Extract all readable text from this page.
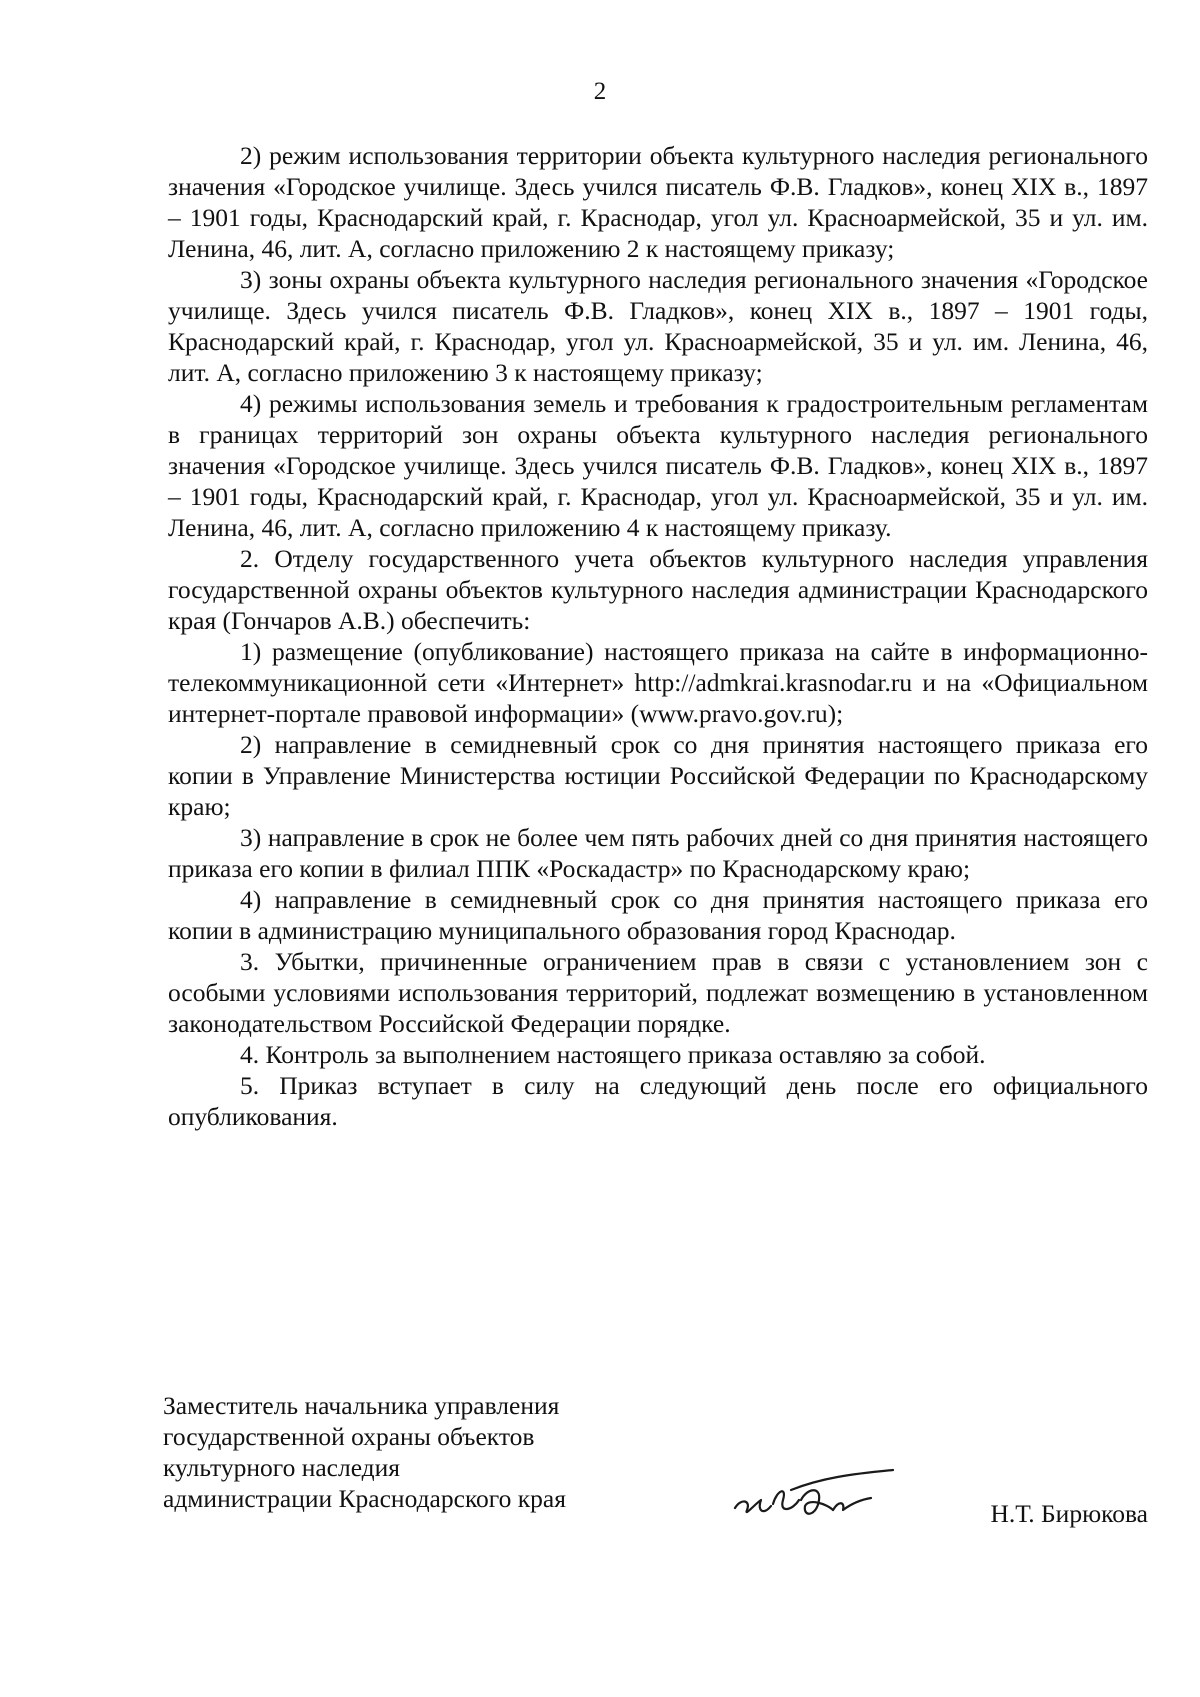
2

2) режим использования территории объекта культурного наследия регионального значения «Городское училище. Здесь учился писатель Ф.В. Гладков», конец XIX в., 1897 – 1901 годы, Краснодарский край, г. Краснодар, угол ул. Красноармейской, 35 и ул. им. Ленина, 46, лит. А, согласно приложению 2 к настоящему приказу;

3) зоны охраны объекта культурного наследия регионального значения «Городское училище. Здесь учился писатель Ф.В. Гладков», конец XIX в., 1897 – 1901 годы, Краснодарский край, г. Краснодар, угол ул. Красноармейской, 35 и ул. им. Ленина, 46, лит. А, согласно приложению 3 к настоящему приказу;

4) режимы использования земель и требования к градостроительным регламентам в границах территорий зон охраны объекта культурного наследия регионального значения «Городское училище. Здесь учился писатель Ф.В. Гладков», конец XIX в., 1897 – 1901 годы, Краснодарский край, г. Краснодар, угол ул. Красноармейской, 35 и ул. им. Ленина, 46, лит. А, согласно приложению 4 к настоящему приказу.

2. Отделу государственного учета объектов культурного наследия управления государственной охраны объектов культурного наследия администрации Краснодарского края (Гончаров А.В.) обеспечить:

1) размещение (опубликование) настоящего приказа на сайте в информационно-телекоммуникационной сети «Интернет» http://admkrai.krasnodar.ru и на «Официальном интернет-портале правовой информации» (www.pravo.gov.ru);

2) направление в семидневный срок со дня принятия настоящего приказа его копии в Управление Министерства юстиции Российской Федерации по Краснодарскому краю;

3) направление в срок не более чем пять рабочих дней со дня принятия настоящего приказа его копии в филиал ППК «Роскадастр» по Краснодарскому краю;

4) направление в семидневный срок со дня принятия настоящего приказа его копии в администрацию муниципального образования город Краснодар.

3. Убытки, причиненные ограничением прав в связи с установлением зон с особыми условиями использования территорий, подлежат возмещению в установленном законодательством Российской Федерации порядке.

4. Контроль за выполнением настоящего приказа оставляю за собой.

5. Приказ вступает в силу на следующий день после его официального опубликования.

Заместитель начальника управления
государственной охраны объектов
культурного наследия
администрации Краснодарского края
Н.Т. Бирюкова
